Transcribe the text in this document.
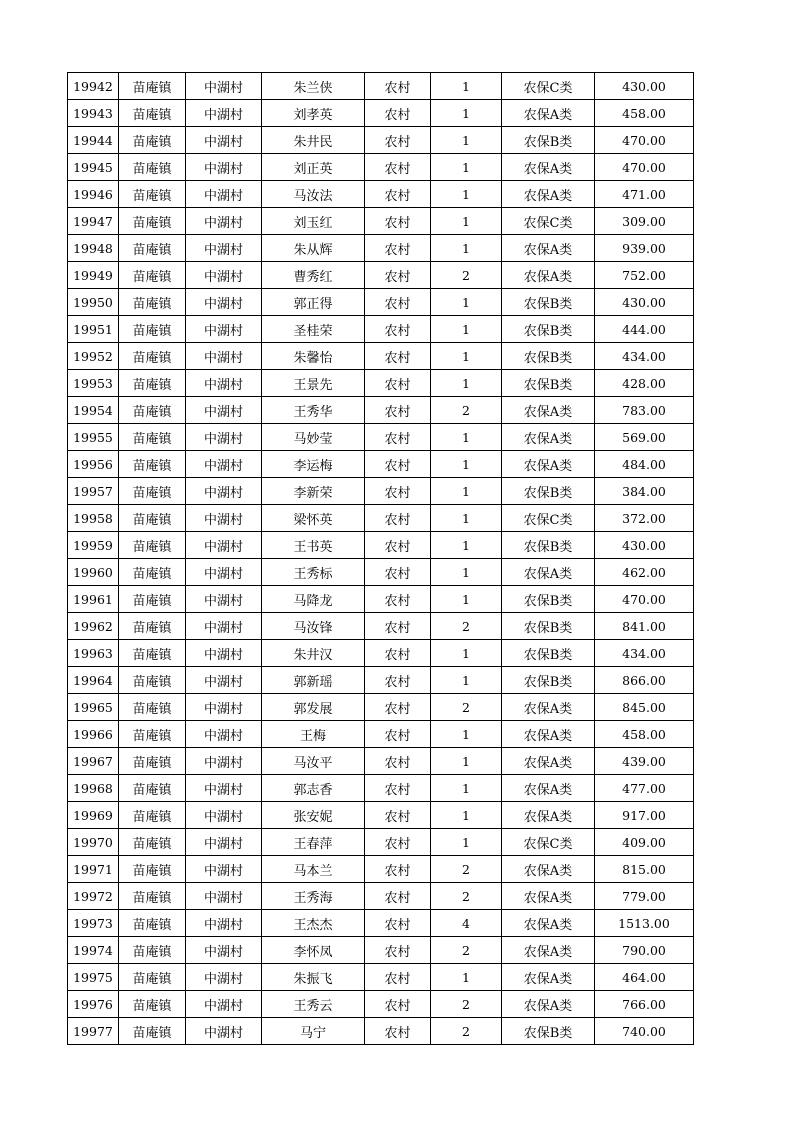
19942	苗庵镇	中湖村	朱兰侠	农村	1	农保C类	430.00
19943	苗庵镇	中湖村	刘孝英	农村	1	农保A类	458.00
19944	苗庵镇	中湖村	朱井民	农村	1	农保B类	470.00
19945	苗庵镇	中湖村	刘正英	农村	1	农保A类	470.00
19946	苗庵镇	中湖村	马汝法	农村	1	农保A类	471.00
19947	苗庵镇	中湖村	刘玉红	农村	1	农保C类	309.00
19948	苗庵镇	中湖村	朱从辉	农村	1	农保A类	939.00
19949	苗庵镇	中湖村	曹秀红	农村	2	农保A类	752.00
19950	苗庵镇	中湖村	郭正得	农村	1	农保B类	430.00
19951	苗庵镇	中湖村	圣桂荣	农村	1	农保B类	444.00
19952	苗庵镇	中湖村	朱馨怡	农村	1	农保B类	434.00
19953	苗庵镇	中湖村	王景先	农村	1	农保B类	428.00
19954	苗庵镇	中湖村	王秀华	农村	2	农保A类	783.00
19955	苗庵镇	中湖村	马妙莹	农村	1	农保A类	569.00
19956	苗庵镇	中湖村	李运梅	农村	1	农保A类	484.00
19957	苗庵镇	中湖村	李新荣	农村	1	农保B类	384.00
19958	苗庵镇	中湖村	梁怀英	农村	1	农保C类	372.00
19959	苗庵镇	中湖村	王书英	农村	1	农保B类	430.00
19960	苗庵镇	中湖村	王秀标	农村	1	农保A类	462.00
19961	苗庵镇	中湖村	马降龙	农村	1	农保B类	470.00
19962	苗庵镇	中湖村	马汝锋	农村	2	农保B类	841.00
19963	苗庵镇	中湖村	朱井汉	农村	1	农保B类	434.00
19964	苗庵镇	中湖村	郭新瑶	农村	1	农保B类	866.00
19965	苗庵镇	中湖村	郭发展	农村	2	农保A类	845.00
19966	苗庵镇	中湖村	王梅	农村	1	农保A类	458.00
19967	苗庵镇	中湖村	马汝平	农村	1	农保A类	439.00
19968	苗庵镇	中湖村	郭志香	农村	1	农保A类	477.00
19969	苗庵镇	中湖村	张安妮	农村	1	农保A类	917.00
19970	苗庵镇	中湖村	王春萍	农村	1	农保C类	409.00
19971	苗庵镇	中湖村	马本兰	农村	2	农保A类	815.00
19972	苗庵镇	中湖村	王秀海	农村	2	农保A类	779.00
19973	苗庵镇	中湖村	王杰杰	农村	4	农保A类	1513.00
19974	苗庵镇	中湖村	李怀凤	农村	2	农保A类	790.00
19975	苗庵镇	中湖村	朱振飞	农村	1	农保A类	464.00
19976	苗庵镇	中湖村	王秀云	农村	2	农保A类	766.00
19977	苗庵镇	中湖村	马宁	农村	2	农保B类	740.00
